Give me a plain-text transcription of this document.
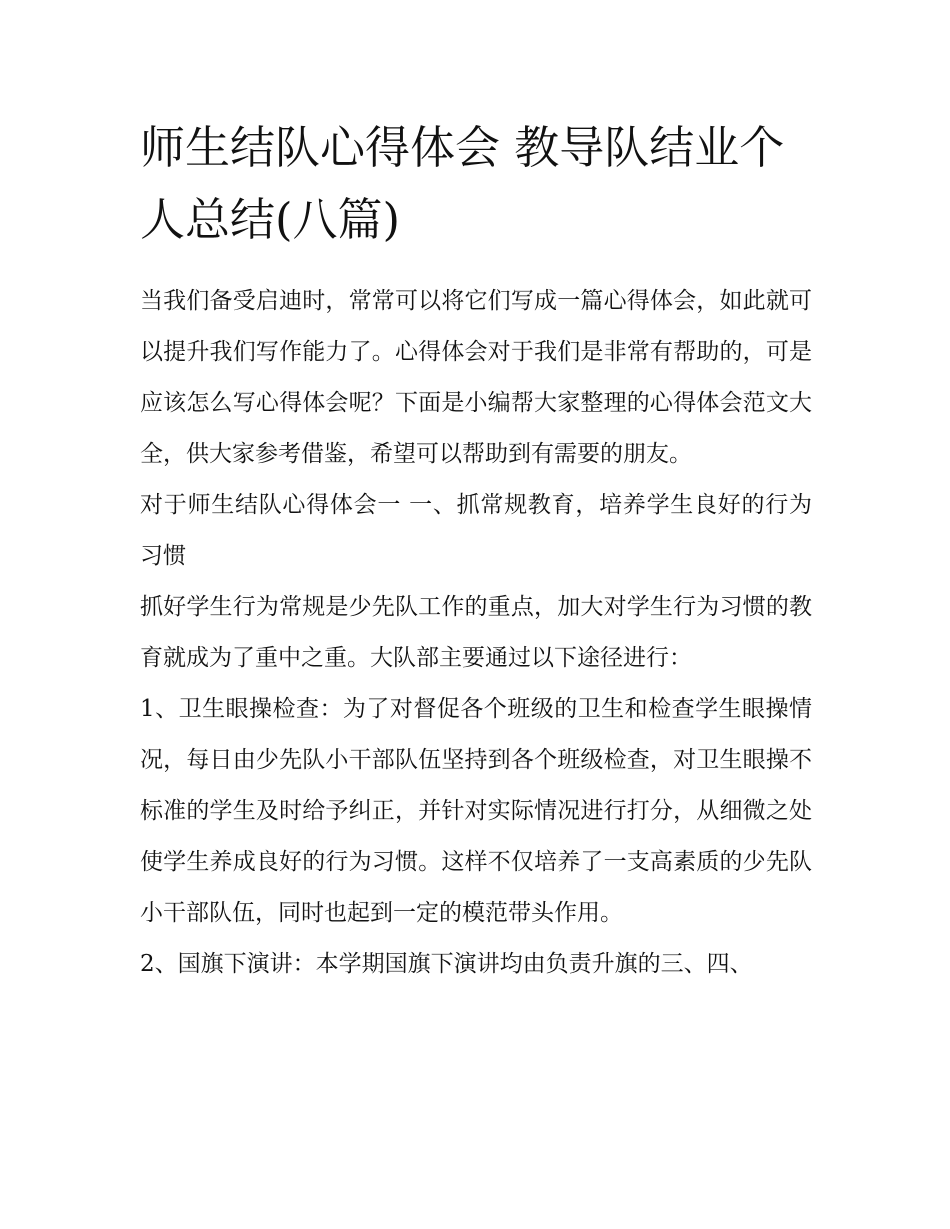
师生结队心得体会 教导队结业个人总结(八篇)

当我们备受启迪时，常常可以将它们写成一篇心得体会，如此就可以提升我们写作能力了。心得体会对于我们是非常有帮助的，可是应该怎么写心得体会呢？下面是小编帮大家整理的心得体会范文大全，供大家参考借鉴，希望可以帮助到有需要的朋友。

对于师生结队心得体会一 一、抓常规教育，培养学生良好的行为习惯

抓好学生行为常规是少先队工作的重点，加大对学生行为习惯的教育就成为了重中之重。大队部主要通过以下途径进行：

1、卫生眼操检查：为了对督促各个班级的卫生和检查学生眼操情况，每日由少先队小干部队伍坚持到各个班级检查，对卫生眼操不标准的学生及时给予纠正，并针对实际情况进行打分，从细微之处使学生养成良好的行为习惯。这样不仅培养了一支高素质的少先队小干部队伍，同时也起到一定的模范带头作用。

2、国旗下演讲：本学期国旗下演讲均由负责升旗的三、四、
